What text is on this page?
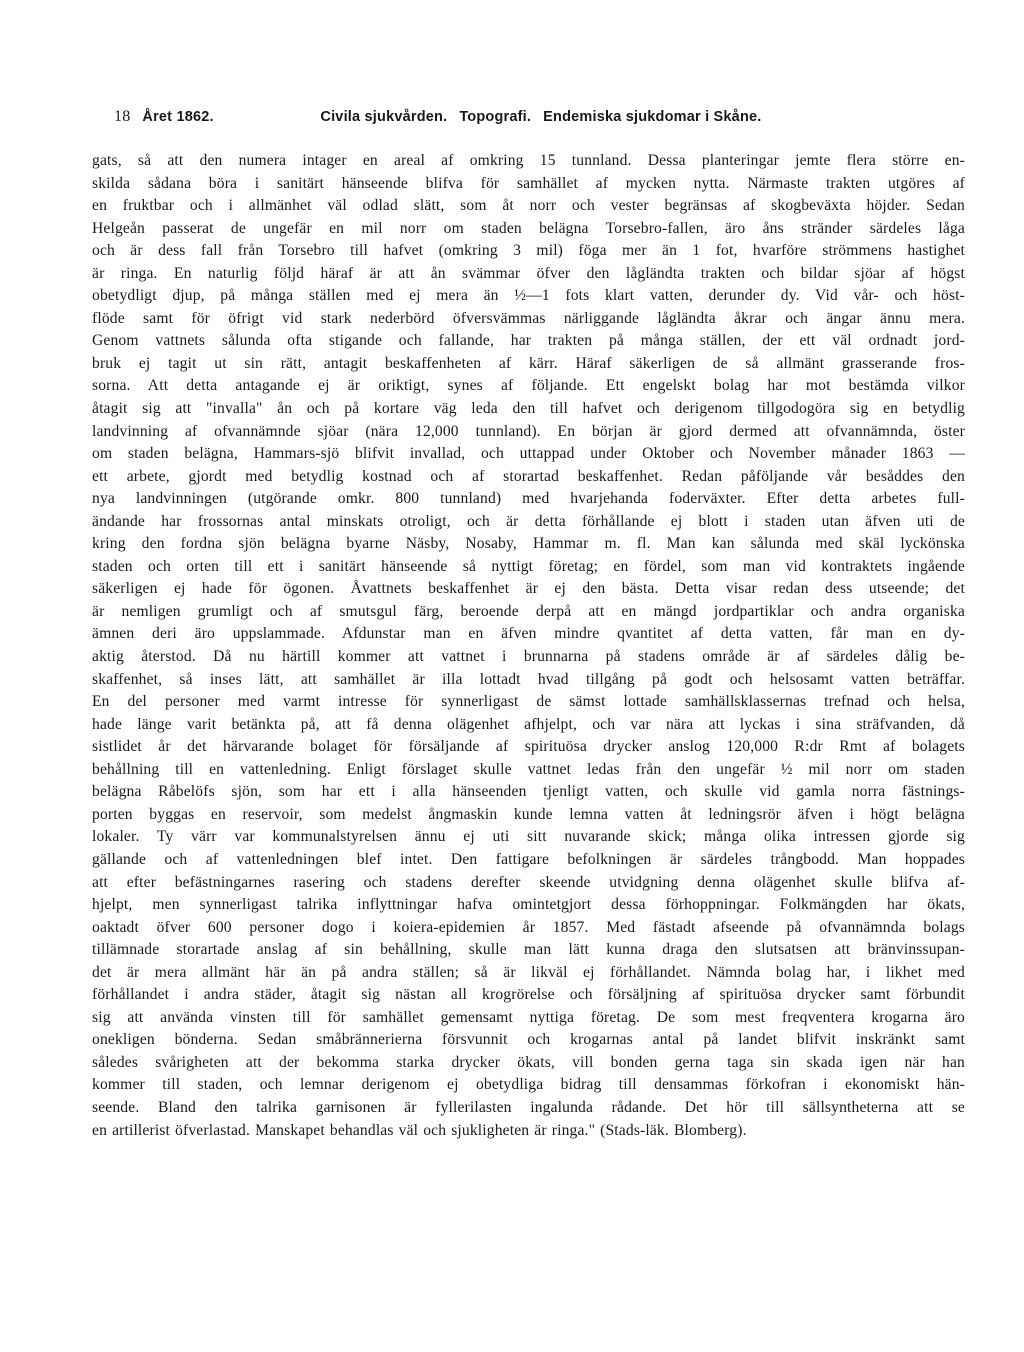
18 Året 1862.	Civila sjukvården. Topografi. Endemiska sjukdomar i Skåne.
gats, så att den numera intager en areal af omkring 15 tunnland. Dessa planteringar jemte flera större en-
skilda sådana böra i sanitärt hänseende blifva för samhället af mycken nytta. Närmaste trakten utgöres af
en fruktbar och i allmänhet väl odlad slätt, som åt norr och vester begränsas af skogbeväxta höjder. Sedan
Helgeån passerat de ungefär en mil norr om staden belägna Torsebro-fallen, äro åns stränder särdeles låga
och är dess fall från Torsebro till hafvet (omkring 3 mil) föga mer än 1 fot, hvarföre strömmens hastighet
är ringa. En naturlig följd häraf är att ån svämmar öfver den lågländta trakten och bildar sjöar af högst
obetydligt djup, på många ställen med ej mera än ½—1 fots klart vatten, derunder dy. Vid vår- och höst-
flöde samt för öfrigt vid stark nederbörd öfversvämmas närliggande lågländta åkrar och ängar ännu mera.
Genom vattnets sålunda ofta stigande och fallande, har trakten på många ställen, der ett väl ordnadt jord-
bruk ej tagit ut sin rätt, antagit beskaffenheten af kärr. Häraf säkerligen de så allmänt grasserande fros-
sorna. Att detta antagande ej är oriktigt, synes af följande. Ett engelskt bolag har mot bestämda vilkor
åtagit sig att "invalla" ån och på kortare väg leda den till hafvet och derigenom tillgodogöra sig en betydlig
landvinning af ofvannämnde sjöar (nära 12,000 tunnland). En början är gjord dermed att ofvannämnda, öster
om staden belägna, Hammars-sjö blifvit invallad, och uttappad under Oktober och November månader 1863 —
ett arbete, gjordt med betydlig kostnad och af storartad beskaffenhet. Redan påföljande vår besåddes den
nya landvinningen (utgörande omkr. 800 tunnland) med hvarjehanda foderväxter. Efter detta arbetes full-
ändande har frossornas antal minskats otroligt, och är detta förhållande ej blott i staden utan äfven uti de
kring den fordna sjön belägna byarne Näsby, Nosaby, Hammar m. fl. Man kan sålunda med skäl lyckönska
staden och orten till ett i sanitärt hänseende så nyttigt företag; en fördel, som man vid kontraktets ingående
säkerligen ej hade för ögonen. Åvattnets beskaffenhet är ej den bästa. Detta visar redan dess utseende; det
är nemligen grumligt och af smutsgul färg, beroende derpå att en mängd jordpartiklar och andra organiska
ämnen deri äro uppslammade. Afdunstar man en äfven mindre qvantitet af detta vatten, får man en dy-
aktig återstod. Då nu härtill kommer att vattnet i brunnarna på stadens område är af särdeles dålig be-
skaffenhet, så inses lätt, att samhället är illa lottadt hvad tillgång på godt och helsosamt vatten beträffar.
En del personer med varmt intresse för synnerligast de sämst lottade samhällsklassernas trefnad och helsa,
hade länge varit betänkta på, att få denna olägenhet afhjelpt, och var nära att lyckas i sina sträfvanden, då
sistlidet år det härvarande bolaget för försäljande af spirituösa drycker anslog 120,000 R:dr Rmt af bolagets
behållning till en vattenledning. Enligt förslaget skulle vattnet ledas från den ungefär ½ mil norr om staden
belägna Råbelöfs sjön, som har ett i alla hänseenden tjenligt vatten, och skulle vid gamla norra fästnings-
porten byggas en reservoir, som medelst ångmaskin kunde lemna vatten åt ledningsrör äfven i högt belägna
lokaler. Ty värr var kommunalstyrelsen ännu ej uti sitt nuvarande skick; många olika intressen gjorde sig
gällande och af vattenledningen blef intet. Den fattigare befolkningen är särdeles trångbodd. Man hoppades
att efter befästningarnes rasering och stadens derefter skeende utvidgning denna olägenhet skulle blifva af-
hjelpt, men synnerligast talrika inflyttningar hafva omintetgjort dessa förhoppningar. Folkmängden har ökats,
oaktadt öfver 600 personer dogo i koiera-epidemien år 1857. Med fästadt afseende på ofvannämnda bolags
tillämnade storartade anslag af sin behållning, skulle man lätt kunna draga den slutsatsen att bränvinssupan-
det är mera allmänt här än på andra ställen; så är likväl ej förhållandet. Nämnda bolag har, i likhet med
förhållandet i andra städer, åtagit sig nästan all krogrörelse och försäljning af spirituösa drycker samt förbundit
sig att använda vinsten till för samhället gemensamt nyttiga företag. De som mest freqventera krogarna äro
onekligen bönderna. Sedan småbrännerierna försvunnit och krogarnas antal på landet blifvit inskränkt samt
således svårigheten att der bekomma starka drycker ökats, vill bonden gerna taga sin skada igen när han
kommer till staden, och lemnar derigenom ej obetydliga bidrag till densammas förkofran i ekonomiskt hän-
seende. Bland den talrika garnisonen är fyllerilasten ingalunda rådande. Det hör till sällsyntheterna att se
en artillerist öfverlastad. Manskapet behandlas väl och sjukligheten är ringa." (Stads-läk. Blomberg).
